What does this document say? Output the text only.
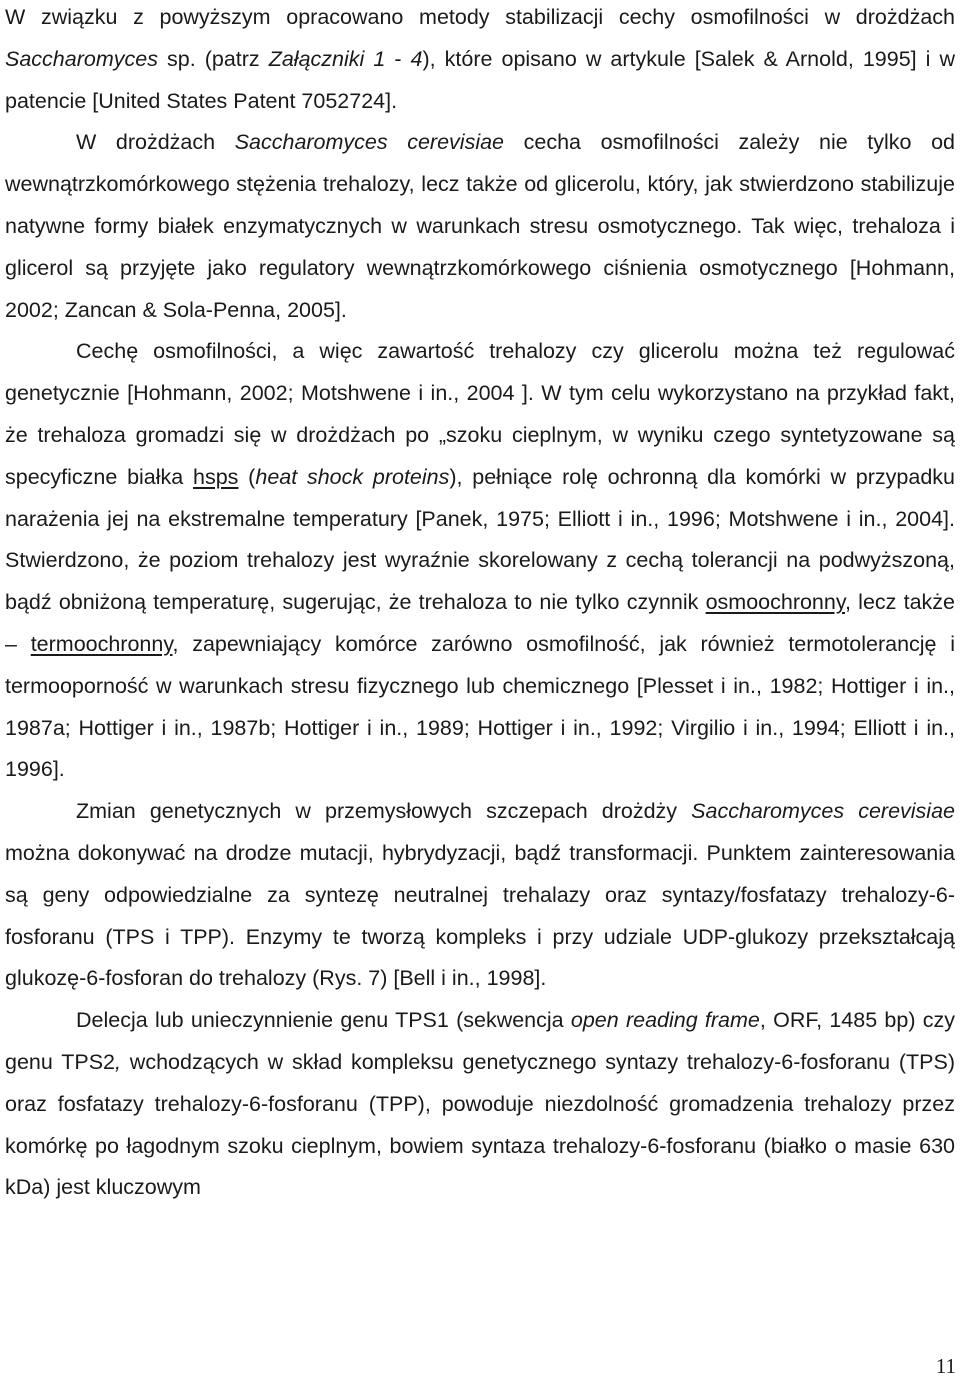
W związku z powyższym opracowano metody stabilizacji cechy osmofilności w drożdżach Saccharomyces sp. (patrz Załączniki 1 - 4), które opisano w artykule [Salek & Arnold, 1995] i w patencie [United States Patent 7052724].

W drożdżach Saccharomyces cerevisiae cecha osmofilności zależy nie tylko od wewnątrzkomórkowego stężenia trehalozy, lecz także od glicerolu, który, jak stwierdzono stabilizuje natywne formy białek enzymatycznych w warunkach stresu osmotycznego. Tak więc, trehaloza i glicerol są przyjęte jako regulatory wewnątrzkomórkowego ciśnienia osmotycznego [Hohmann, 2002; Zancan & Sola-Penna, 2005].

Cechę osmofilności, a więc zawartość trehalozy czy glicerolu można też regulować genetycznie [Hohmann, 2002; Motshwene i in., 2004 ]. W tym celu wykorzystano na przykład fakt, że trehaloza gromadzi się w drożdżach po „szoku cieplnym, w wyniku czego syntetyzowane są specyficzne białka hsps (heat shock proteins), pełniące rolę ochronną dla komórki w przypadku narażenia jej na ekstremalne temperatury [Panek, 1975; Elliott i in., 1996; Motshwene i in., 2004]. Stwierdzono, że poziom trehalozy jest wyraźnie skorelowany z cechą tolerancji na podwyższoną, bądź obniżoną temperaturę, sugerując, że trehaloza to nie tylko czynnik osmoochronny, lecz także – termoochronny, zapewniający komórce zarówno osmofilność, jak również termotolerancję i termooporność w warunkach stresu fizycznego lub chemicznego [Plesset i in., 1982; Hottiger i in., 1987a; Hottiger i in., 1987b; Hottiger i in., 1989; Hottiger i in., 1992; Virgilio i in., 1994; Elliott i in., 1996].

Zmian genetycznych w przemysłowych szczepach drożdży Saccharomyces cerevisiae można dokonywać na drodze mutacji, hybrydyzacji, bądź transformacji. Punktem zainteresowania są geny odpowiedzialne za syntezę neutralnej trehalazy oraz syntazy/fosfatazy trehalozy-6-fosforanu (TPS i TPP). Enzymy te tworzą kompleks i przy udziale UDP-glukozy przekształcają glukozę-6-fosforan do trehalozy (Rys. 7) [Bell i in., 1998].

Delecja lub unieczynnienie genu TPS1 (sekwencja open reading frame, ORF, 1485 bp) czy genu TPS2, wchodzących w skład kompleksu genetycznego syntazy trehalozy-6-fosforanu (TPS) oraz fosfatazy trehalozy-6-fosforanu (TPP), powoduje niezdolność gromadzenia trehalozy przez komórkę po łagodnym szoku cieplnym, bowiem syntaza trehalozy-6-fosforanu (białko o masie 630 kDa) jest kluczowym

11
